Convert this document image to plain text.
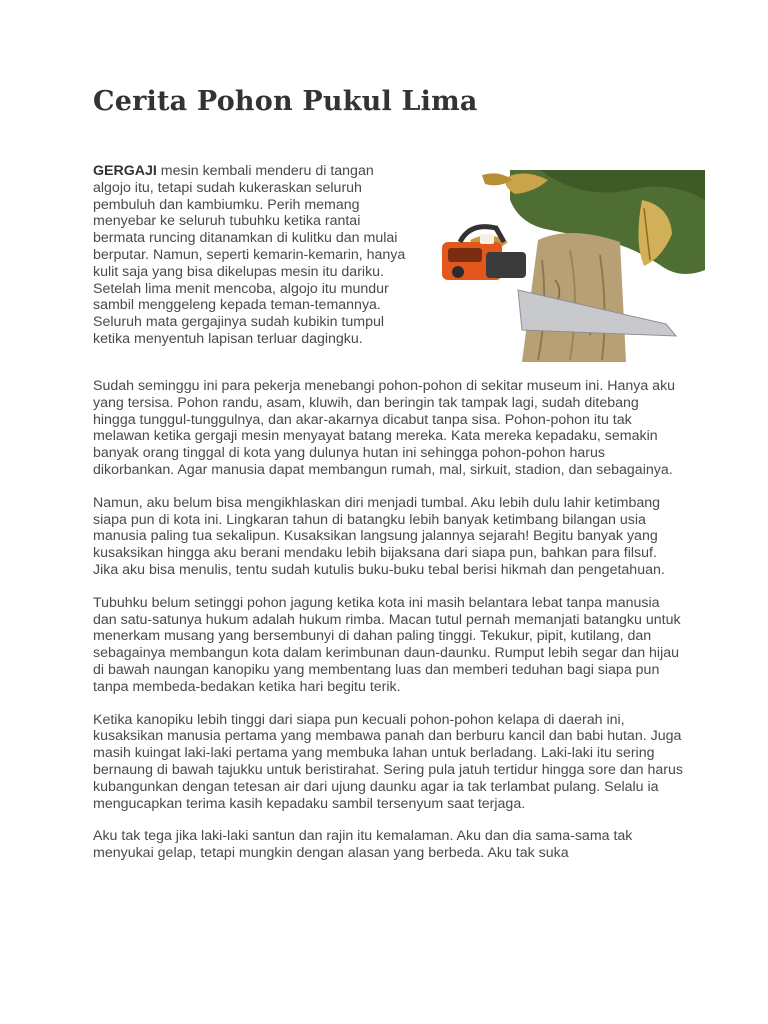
Cerita Pohon Pukul Lima

GERGAJI mesin kembali menderu di tangan algojo itu, tetapi sudah kukeraskan seluruh pembuluh dan kambiumku. Perih memang menyebar ke seluruh tubuhku ketika rantai bermata runcing ditanamkan di kulitku dan mulai berputar. Namun, seperti kemarin-kemarin, hanya kulit saja yang bisa dikelupas mesin itu dariku. Setelah lima menit mencoba, algojo itu mundur sambil menggeleng kepada teman-temannya. Seluruh mata gergajinya sudah kubikin tumpul ketika menyentuh lapisan terluar dagingku.

Sudah seminggu ini para pekerja menebangi pohon-pohon di sekitar museum ini. Hanya aku yang tersisa. Pohon randu, asam, kluwih, dan beringin tak tampak lagi, sudah ditebang hingga tunggul-tunggulnya, dan akar-akarnya dicabut tanpa sisa. Pohon-pohon itu tak melawan ketika gergaji mesin menyayat batang mereka. Kata mereka kepadaku, semakin banyak orang tinggal di kota yang dulunya hutan ini sehingga pohon-pohon harus dikorbankan. Agar manusia dapat membangun rumah, mal, sirkuit, stadion, dan sebagainya.

Namun, aku belum bisa mengikhlaskan diri menjadi tumbal. Aku lebih dulu lahir ketimbang siapa pun di kota ini. Lingkaran tahun di batangku lebih banyak ketimbang bilangan usia manusia paling tua sekalipun. Kusaksikan langsung jalannya sejarah! Begitu banyak yang kusaksikan hingga aku berani mendaku lebih bijaksana dari siapa pun, bahkan para filsuf. Jika aku bisa menulis, tentu sudah kutulis buku-buku tebal berisi hikmah dan pengetahuan.

Tubuhku belum setinggi pohon jagung ketika kota ini masih belantara lebat tanpa manusia dan satu-satunya hukum adalah hukum rimba. Macan tutul pernah memanjati batangku untuk menerkam musang yang bersembunyi di dahan paling tinggi. Tekukur, pipit, kutilang, dan sebagainya membangun kota dalam kerimbunan daun-daunku. Rumput lebih segar dan hijau di bawah naungan kanopiku yang membentang luas dan memberi teduhan bagi siapa pun tanpa membeda-bedakan ketika hari begitu terik.

Ketika kanopiku lebih tinggi dari siapa pun kecuali pohon-pohon kelapa di daerah ini, kusaksikan manusia pertama yang membawa panah dan berburu kancil dan babi hutan. Juga masih kuingat laki-laki pertama yang membuka lahan untuk berladang. Laki-laki itu sering bernaung di bawah tajukku untuk beristirahat. Sering pula jatuh tertidur hingga sore dan harus kubangunkan dengan tetesan air dari ujung daunku agar ia tak terlambat pulang. Selalu ia mengucapkan terima kasih kepadaku sambil tersenyum saat terjaga.

Aku tak tega jika laki-laki santun dan rajin itu kemalaman. Aku dan dia sama-sama tak menyukai gelap, tetapi mungkin dengan alasan yang berbeda. Aku tak suka
